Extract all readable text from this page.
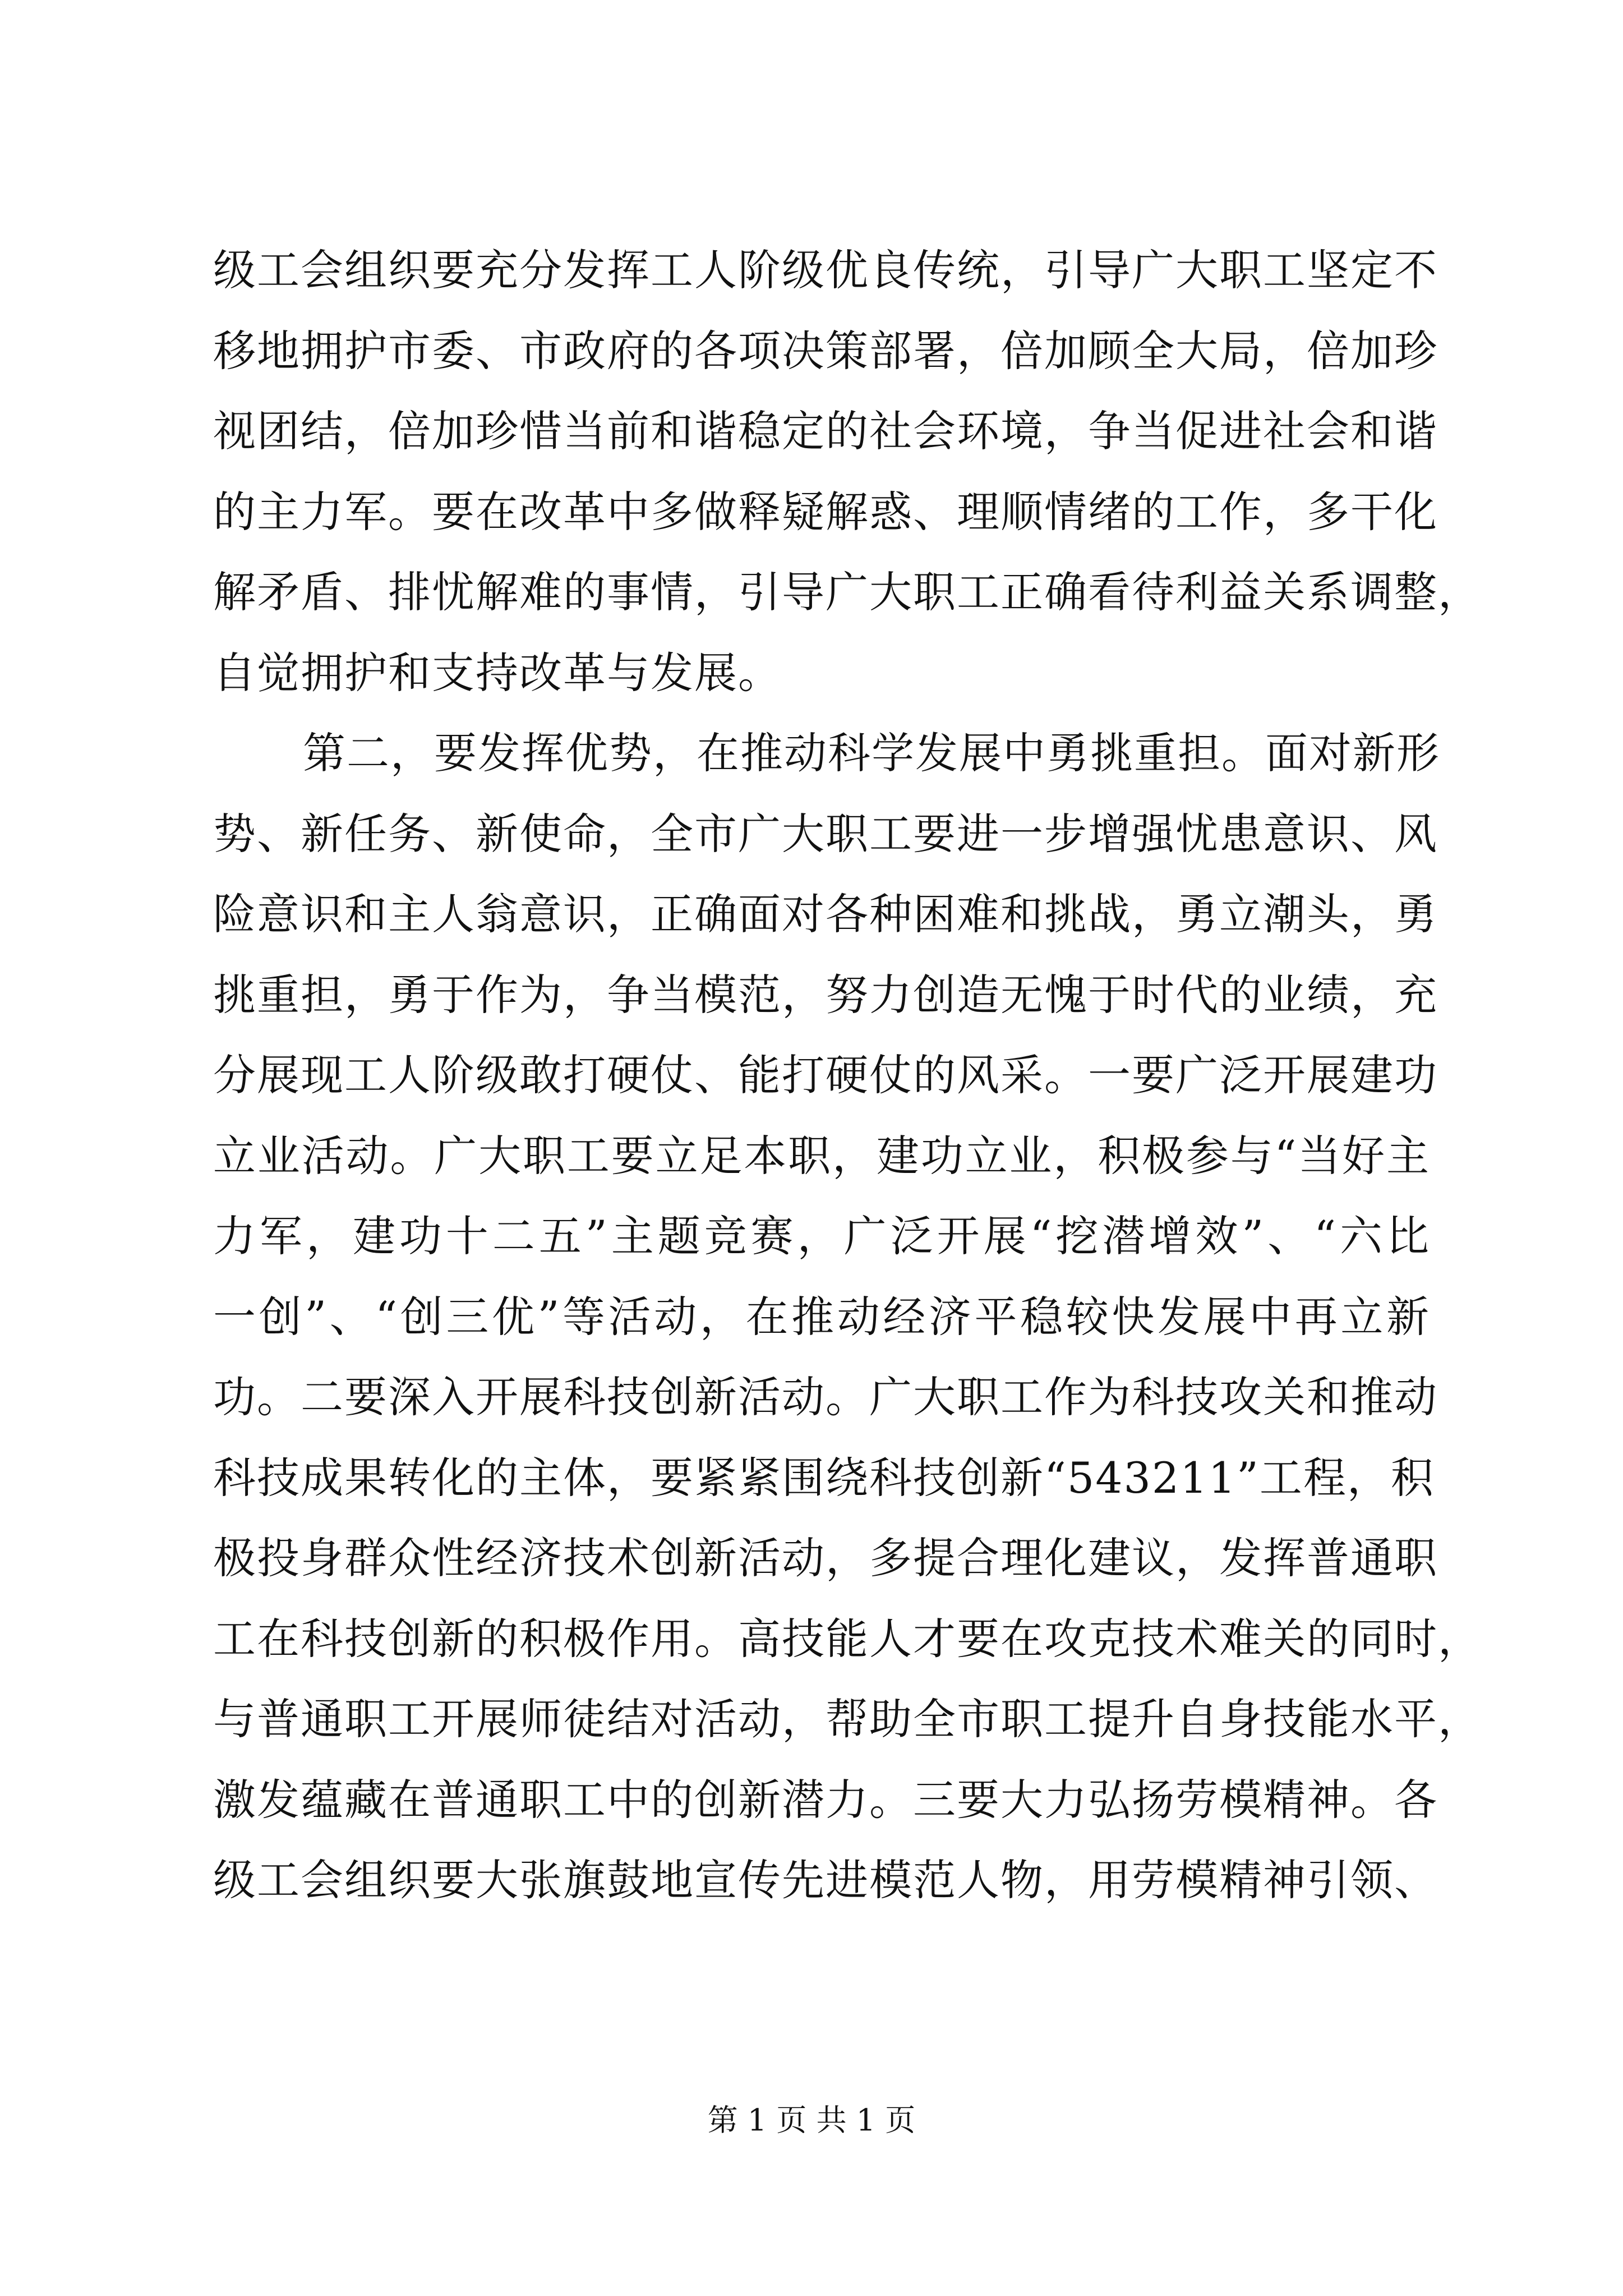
级工会组织要充分发挥工人阶级优良传统，引导广大职工坚定不
移地拥护市委、市政府的各项决策部署，倍加顾全大局，倍加珍
视团结，倍加珍惜当前和谐稳定的社会环境，争当促进社会和谐
的主力军。要在改革中多做释疑解惑、理顺情绪的工作，多干化
解矛盾、排忧解难的事情，引导广大职工正确看待利益关系调整，
自觉拥护和支持改革与发展。
第二，要发挥优势，在推动科学发展中勇挑重担。面对新形
势、新任务、新使命，全市广大职工要进一步增强忧患意识、风
险意识和主人翁意识，正确面对各种困难和挑战，勇立潮头，勇
挑重担，勇于作为，争当模范，努力创造无愧于时代的业绩，充
分展现工人阶级敢打硬仗、能打硬仗的风采。一要广泛开展建功
立业活动。广大职工要立足本职，建功立业，积极参与“当好主
力军，建功十二五”主题竞赛，广泛开展“挖潜增效”、“六比
一创”、“创三优”等活动，在推动经济平稳较快发展中再立新
功。二要深入开展科技创新活动。广大职工作为科技攻关和推动
科技成果转化的主体，要紧紧围绕科技创新“543211”工程，积
极投身群众性经济技术创新活动，多提合理化建议，发挥普通职
工在科技创新的积极作用。高技能人才要在攻克技术难关的同时，
与普通职工开展师徒结对活动，帮助全市职工提升自身技能水平，
激发蕴藏在普通职工中的创新潜力。三要大力弘扬劳模精神。各
级工会组织要大张旗鼓地宣传先进模范人物，用劳模精神引领、
第 1 页 共 1 页
